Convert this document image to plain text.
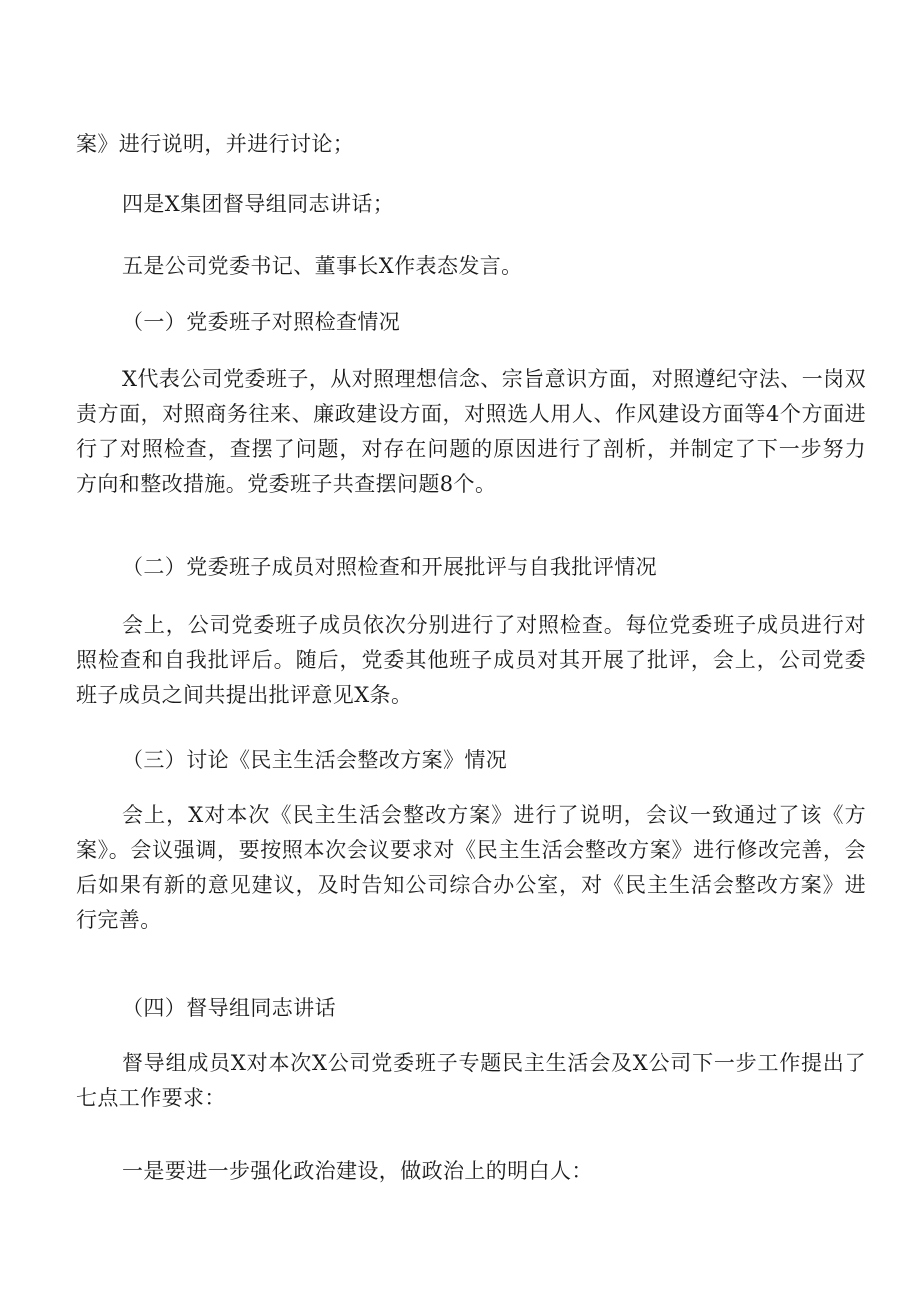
案》进行说明，并进行讨论；
四是X集团督导组同志讲话；
五是公司党委书记、董事长X作表态发言。
（一）党委班子对照检查情况
X代表公司党委班子，从对照理想信念、宗旨意识方面，对照遵纪守法、一岗双责方面，对照商务往来、廉政建设方面，对照选人用人、作风建设方面等4个方面进行了对照检查，查摆了问题，对存在问题的原因进行了剖析，并制定了下一步努力方向和整改措施。党委班子共查摆问题8个。
（二）党委班子成员对照检查和开展批评与自我批评情况
会上，公司党委班子成员依次分别进行了对照检查。每位党委班子成员进行对照检查和自我批评后。随后，党委其他班子成员对其开展了批评，会上，公司党委班子成员之间共提出批评意见X条。
（三）讨论《民主生活会整改方案》情况
会上，X对本次《民主生活会整改方案》进行了说明，会议一致通过了该《方案》。会议强调，要按照本次会议要求对《民主生活会整改方案》进行修改完善，会后如果有新的意见建议，及时告知公司综合办公室，对《民主生活会整改方案》进行完善。
（四）督导组同志讲话
督导组成员X对本次X公司党委班子专题民主生活会及X公司下一步工作提出了七点工作要求：
一是要进一步强化政治建设，做政治上的明白人：
